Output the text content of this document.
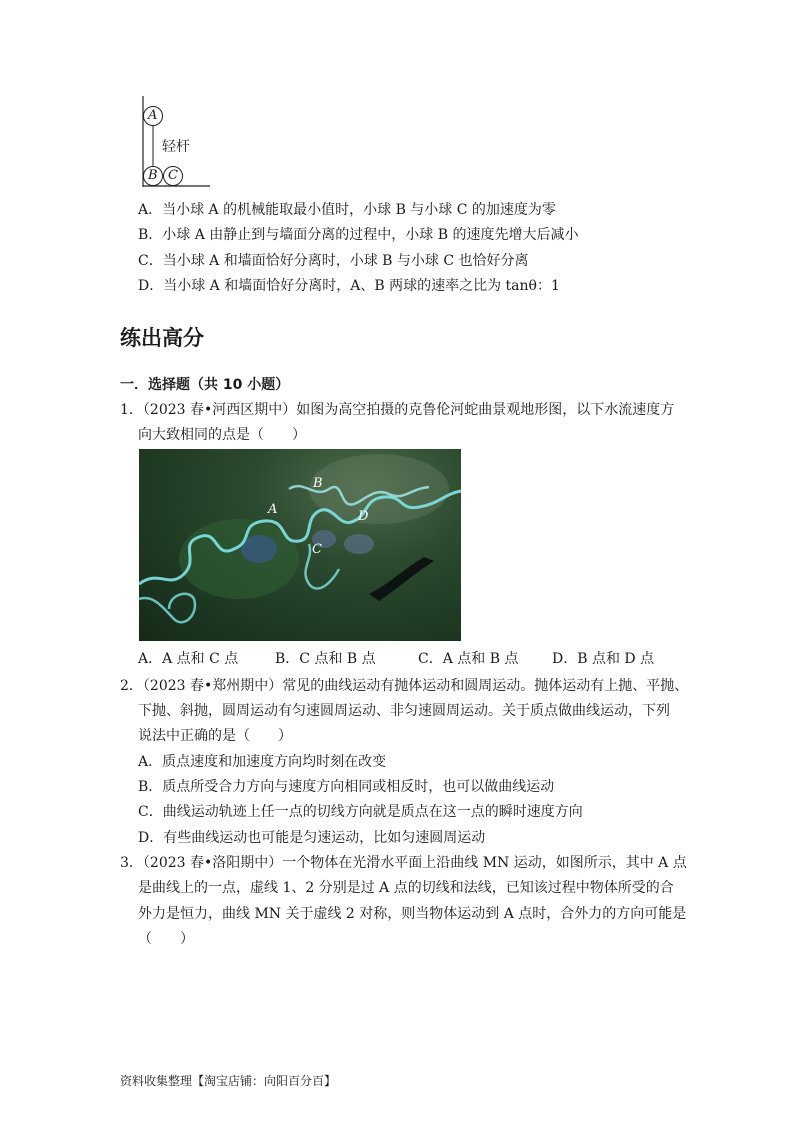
A
B C
轻杆
A．当小球 A 的机械能取最小值时，小球 B 与小球 C 的加速度为零
B．小球 A 由静止到与墙面分离的过程中，小球 B 的速度先增大后减小
C．当小球 A 和墙面恰好分离时，小球 B 与小球 C 也恰好分离
D．当小球 A 和墙面恰好分离时，A、B 两球的速率之比为 tanθ：1
练出高分
一．选择题（共 10 小题）
1．（2023 春•河西区期中）如图为高空拍摄的克鲁伦河蛇曲景观地形图，以下水流速度方
向大致相同的点是（　　）
A
B
C
D
A．A 点和 C 点	B．C 点和 B 点	C．A 点和 B 点 D．B 点和 D 点
2．（2023 春•郑州期中）常见的曲线运动有抛体运动和圆周运动。抛体运动有上抛、平抛、
下抛、斜抛，圆周运动有匀速圆周运动、非匀速圆周运动。关于质点做曲线运动，下列
说法中正确的是（　　）
A．质点速度和加速度方向均时刻在改变
B．质点所受合力方向与速度方向相同或相反时，也可以做曲线运动
C．曲线运动轨迹上任一点的切线方向就是质点在这一点的瞬时速度方向
D．有些曲线运动也可能是匀速运动，比如匀速圆周运动
3．（2023 春•洛阳期中）一个物体在光滑水平面上沿曲线 MN 运动，如图所示，其中 A 点
是曲线上的一点，虚线 1、2 分别是过 A 点的切线和法线，已知该过程中物体所受的合
外力是恒力，曲线 MN 关于虚线 2 对称，则当物体运动到 A 点时，合外力的方向可能是
（　　）
资料收集整理【淘宝店铺：向阳百分百】
